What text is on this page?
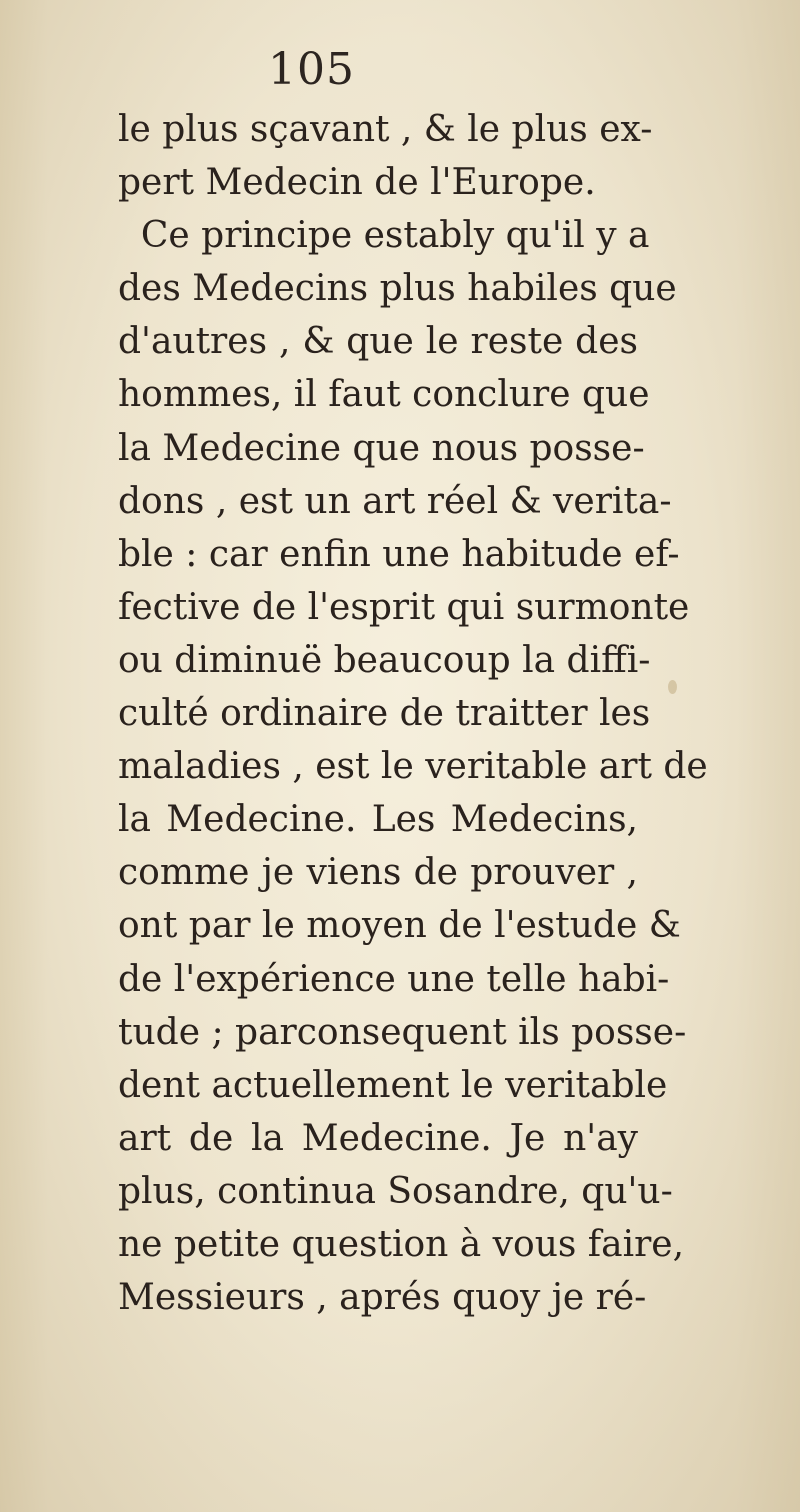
105
le plus sçavant , & le plus ex-
pert Medecin de l'Europe.
Ce principe estably qu'il y a
des Medecins plus habiles que
d'autres , & que le reste des
hommes, il faut conclure que
la Medecine que nous posse-
dons , est un art réel & verita-
ble : car enfin une habitude ef-
fective de l'esprit qui surmonte
ou diminuë beaucoup la diffi-
culté ordinaire de traitter les
maladies , est le veritable art de
la Medecine. Les Medecins,
comme je viens de prouver ,
ont par le moyen de l'estude &
de l'expérience une telle habi-
tude ; parconsequent ils posse-
dent actuellement le veritable
art de la Medecine. Je n'ay
plus, continua Sosandre, qu'u-
ne petite question à vous faire,
Messieurs , aprés quoy je ré-
